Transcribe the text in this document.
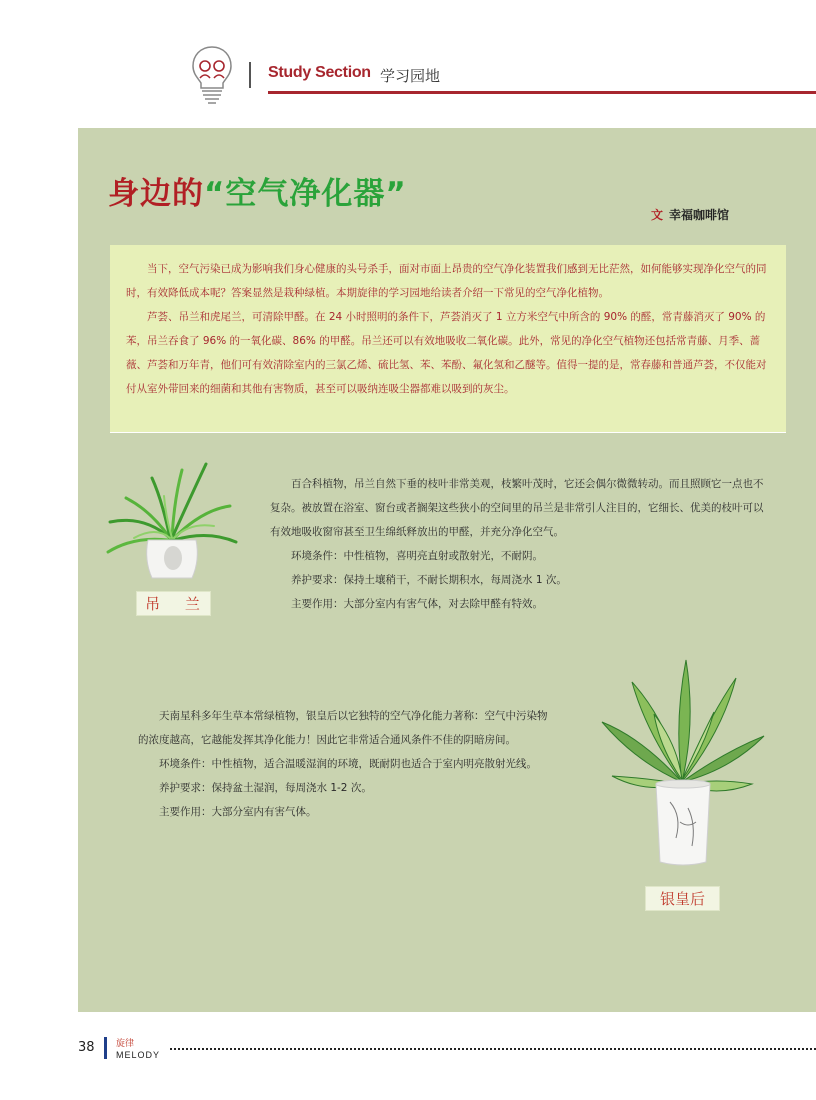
Study Section 学习园地
身边的“空气净化器”
文 幸福咖啡馆

当下，空气污染已成为影响我们身心健康的头号杀手，面对市面上昂贵的空气净化装置我们感到无比茫然，如何能够实现净化空气的同时，有效降低成本呢？答案显然是栽种绿植。本期旋律的学习园地给读者介绍一下常见的空气净化植物。

芦荟、吊兰和虎尾兰，可清除甲醛。在 24 小时照明的条件下，芦荟消灭了 1 立方米空气中所含的 90% 的醛，常青藤消灭了 90% 的苯，吊兰吞食了 96% 的一氧化碳、86% 的甲醛。吊兰还可以有效地吸收二氧化碳。此外，常见的净化空气植物还包括常青藤、月季、蔷薇、芦荟和万年青，他们可有效清除室内的三氯乙烯、硫比氢、苯、苯酚、氟化氢和乙醚等。值得一提的是，常春藤和普通芦荟，不仅能对付从室外带回来的细菌和其他有害物质，甚至可以吸纳连吸尘器都难以吸到的灰尘。

吊 兰

百合科植物，吊兰自然下垂的枝叶非常美观，枝繁叶茂时，它还会偶尔微微转动。而且照顾它一点也不复杂。被放置在浴室、窗台或者搁架这些狭小的空间里的吊兰是非常引人注目的，它细长、优美的枝叶可以有效地吸收窗帘甚至卫生绵纸释放出的甲醛，并充分净化空气。

环境条件：中性植物，喜明亮直射或散射光，不耐阴。

养护要求：保持土壤稍干，不耐长期积水，每周浇水 1 次。

主要作用：大部分室内有害气体，对去除甲醛有特效。

天南星科多年生草本常绿植物，银皇后以它独特的空气净化能力著称：空气中污染物的浓度越高，它越能发挥其净化能力！因此它非常适合通风条件不佳的阴暗房间。

环境条件：中性植物，适合温暖湿润的环境，既耐阴也适合于室内明亮散射光线。

养护要求：保持盆土湿润，每周浇水 1-2 次。

主要作用：大部分室内有害气体。

银皇后
38 旋律
MELODY
